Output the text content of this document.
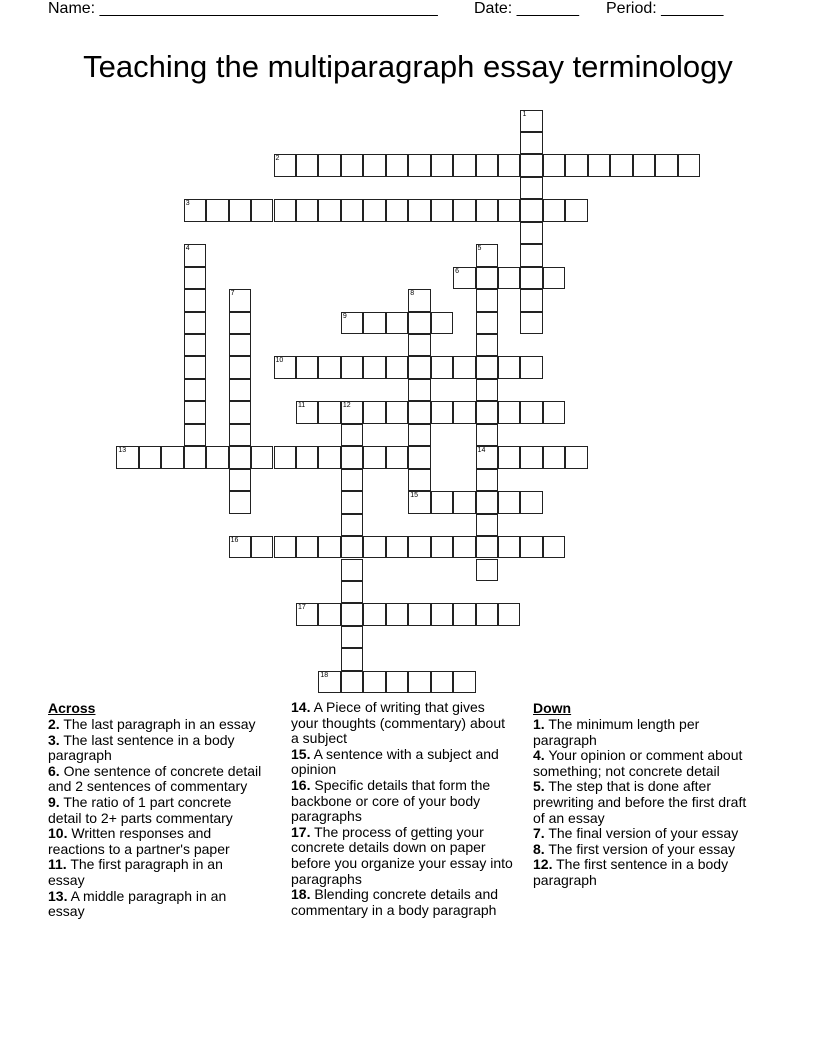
Name: ______________________________________ Date: _______ Period: _______
Teaching the multiparagraph essay terminology
1
2
3
4	5
14
6
7	8
15
9
10
11	12
13
16
17
18
Across
2. The last paragraph in an essay
3. The last sentence in a body paragraph
6. One sentence of concrete detail and 2 sentences of commentary
9. The ratio of 1 part concrete detail to 2+ parts commentary
10. Written responses and reactions to a partner's paper
11. The first paragraph in an essay
13. A middle paragraph in an essay
14. A Piece of writing that gives your thoughts (commentary) about a subject
15. A sentence with a subject and opinion
16. Specific details that form the backbone or core of your body paragraphs
17. The process of getting your concrete details down on paper before you organize your essay into paragraphs
18. Blending concrete details and commentary in a body paragraph
Down
1. The minimum length per paragraph
4. Your opinion or comment about something; not concrete detail
5. The step that is done after prewriting and before the first draft of an essay
7. The final version of your essay
8. The first version of your essay
12. The first sentence in a body paragraph
